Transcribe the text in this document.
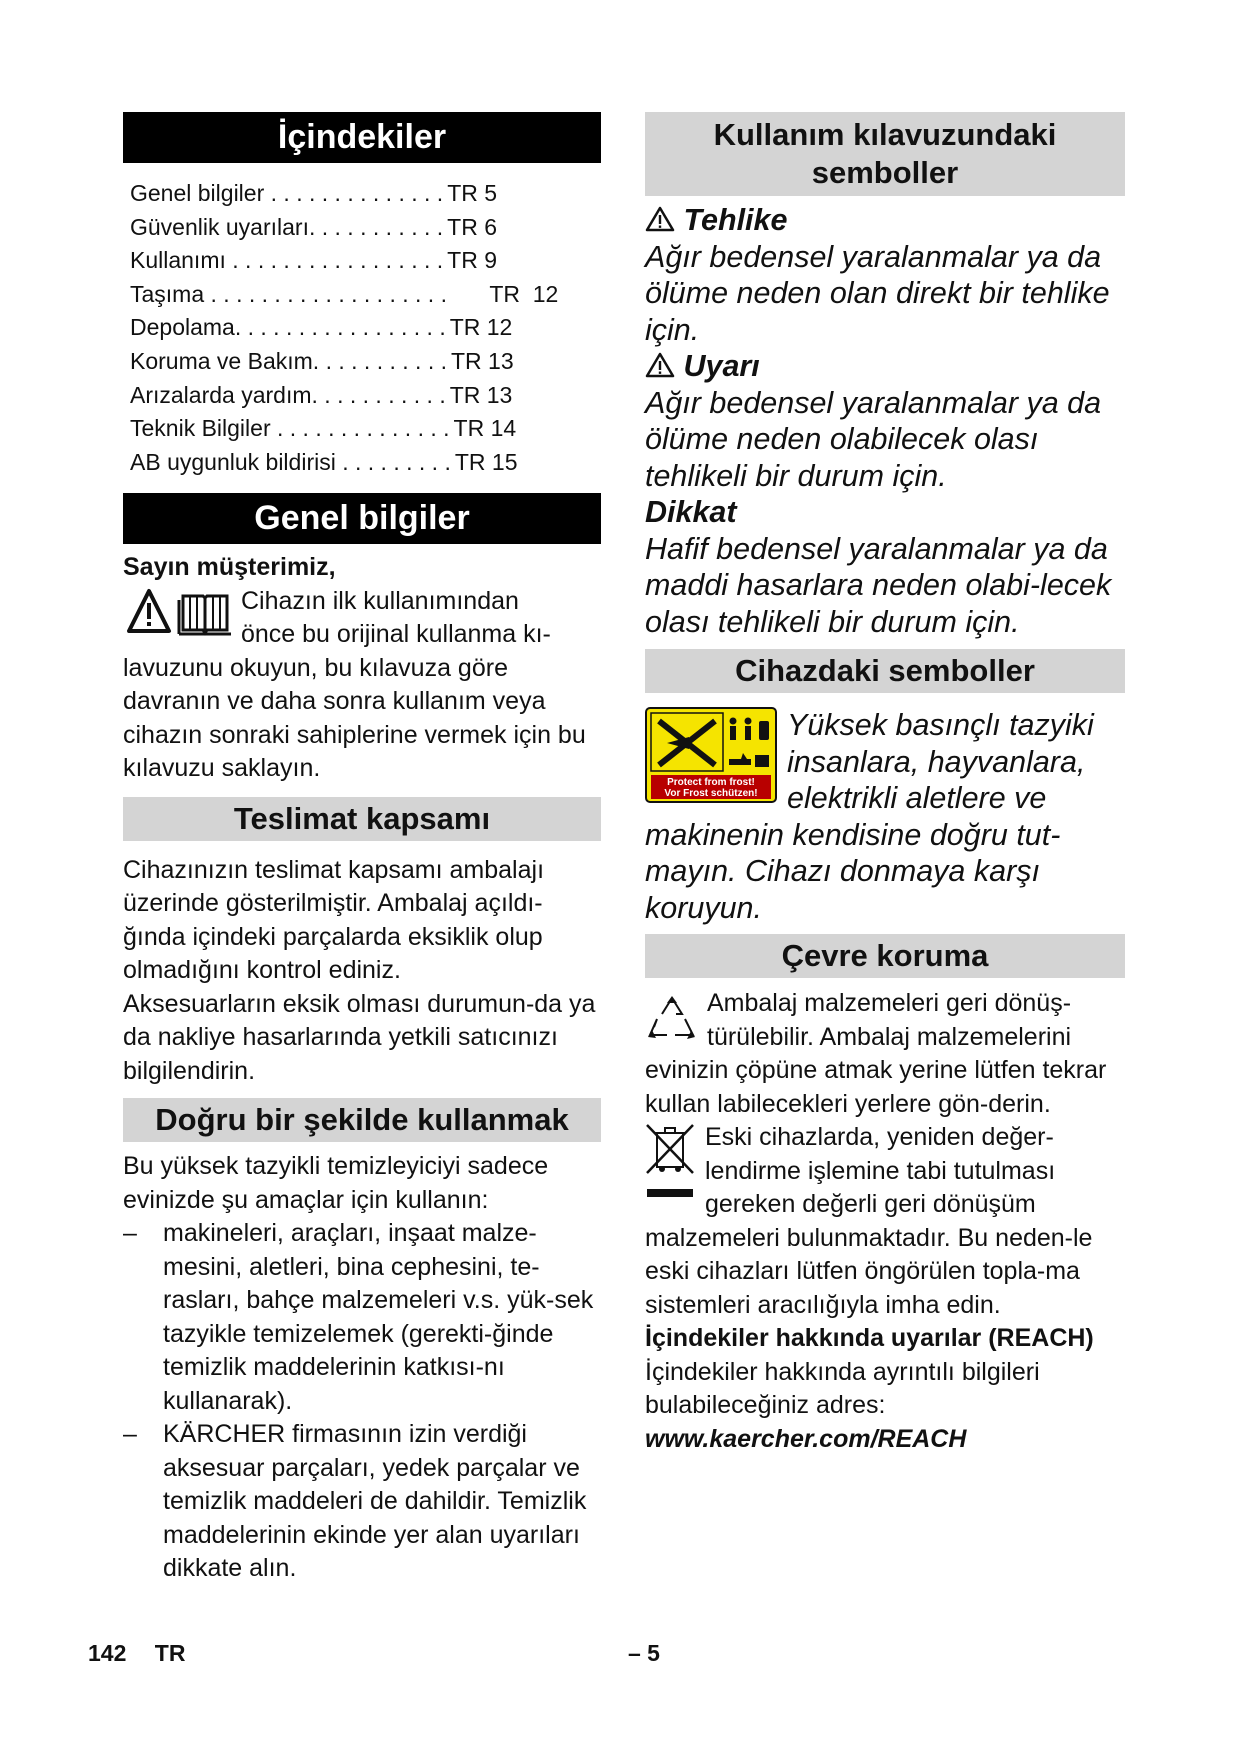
İçindekiler
Genel bilgiler . . . . . . . . . . . . . . TR 5
Güvenlik uyarıları. . . . . . . . . . . TR 6
Kullanımı . . . . . . . . . . . . . . . . . TR 9
Taşıma . . . . . . . . . . . . . . . . . . .      TR  12
Depolama. . . . . . . . . . . . . . . . . TR 12
Koruma ve Bakım. . . . . . . . . . . TR 13
Arızalarda yardım. . . . . . . . . . . TR 13
Teknik Bilgiler . . . . . . . . . . . . . . TR 14
AB uygunluk bildirisi . . . . . . . . . TR 15
Genel bilgiler

Sayın müşterimiz,

Cihazın ilk kullanımından

önce bu orijinal kullanma kı-

lavuzunu okuyun, bu kılavuza göre davranın ve daha sonra kullanım veya cihazın sonraki sahiplerine vermek için bu kılavuzu saklayın.

Teslimat kapsamı

Cihazınızın teslimat kapsamı ambalajı üzerinde gösterilmiştir. Ambalaj açıldı-ğında içindeki parçalarda eksiklik olup olmadığını kontrol ediniz.

Aksesuarların eksik olması durumun-da ya da nakliye hasarlarında yetkili satıcınızı bilgilendirin.

Doğru bir şekilde kullanmak

Bu yüksek tazyikli temizleyiciyi sadece evinizde şu amaçlar için kullanın:

– makineleri, araçları, inşaat malze-mesini, aletleri, bina cephesini, te-rasları, bahçe malzemeleri v.s. yük-sek tazyikle temizelemek (gerekti-ğinde temizlik maddelerinin katkısı-nı kullanarak).
– KÄRCHER firmasının izin verdiği aksesuar parçaları, yedek parçalar ve temizlik maddeleri de dahildir. Temizlik maddelerinin ekinde yer alan uyarıları dikkate alın.
Kullanım kılavuzundaki semboller

Tehlike

Ağır bedensel yaralanmalar ya da ölüme neden olan direkt bir tehlike için.

Uyarı

Ağır bedensel yaralanmalar ya da ölüme neden olabilecek olası tehlikeli bir durum için.

Dikkat

Hafif bedensel yaralanmalar ya da maddi hasarlara neden olabi-lecek olası tehlikeli bir durum için.

Cihazdaki semboller
Protect from frost!
Vor Frost schützen!

Yüksek basınçlı tazyiki insanlara, hayvanlara, elektrikli aletlere ve makinenin kendisine doğru tut-mayın. Cihazı donmaya karşı koruyun.

Çevre koruma

Ambalaj malzemeleri geri dönüş-türülebilir. Ambalaj malzemelerini evinizin çöpüne atmak yerine lütfen tekrar kullan labilecekleri yerlere gön-derin.

Eski cihazlarda, yeniden değer-lendirme işlemine tabi tutulması gereken değerli geri dönüşüm malzemeleri bulunmaktadır. Bu neden-le eski cihazları lütfen öngörülen topla-ma sistemleri aracılığıyla imha edin.

İçindekiler hakkında uyarılar (REACH)

İçindekiler hakkında ayrıntılı bilgileri bulabileceğiniz adres:

www.kaercher.com/REACH

142 TR	– 5
